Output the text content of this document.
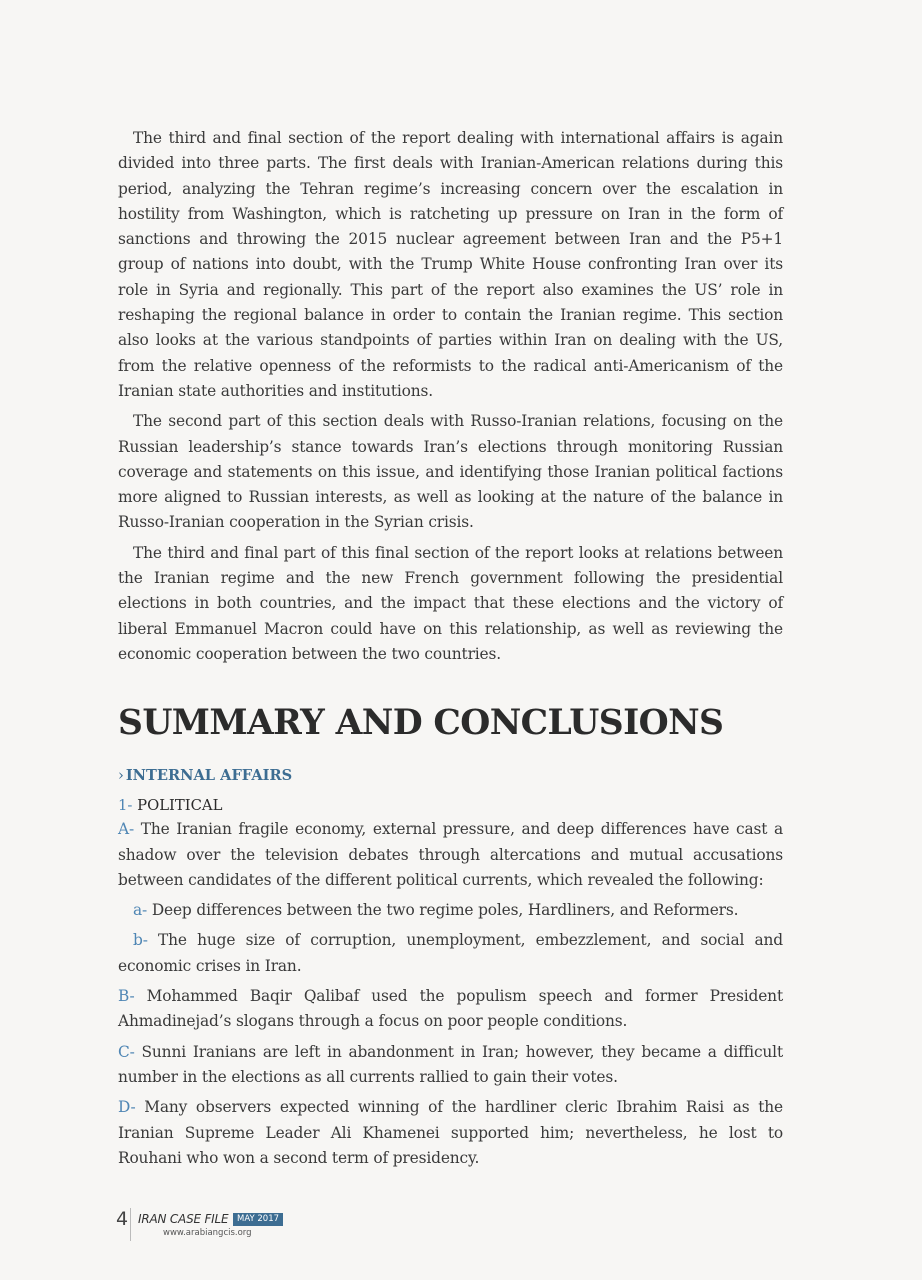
The third and final section of the report dealing with international affairs is again divided into three parts. The first deals with Iranian-American relations during this period, analyzing the Tehran regime’s increasing concern over the escalation in hostility from Washington, which is ratcheting up pressure on Iran in the form of sanctions and throwing the 2015 nuclear agreement between Iran and the P5+1 group of nations into doubt, with the Trump White House confronting Iran over its role in Syria and regionally. This part of the report also examines the US’ role in reshaping the regional balance in order to contain the Iranian regime. This section also looks at the various standpoints of parties within Iran on dealing with the US, from the relative openness of the reformists to the radical anti-Americanism of the Iranian state authorities and institutions.

The second part of this section deals with Russo-Iranian relations, focusing on the Russian leadership’s stance towards Iran’s elections through monitoring Russian coverage and statements on this issue, and identifying those Iranian political factions more aligned to Russian interests, as well as looking at the nature of the balance in Russo-Iranian cooperation in the Syrian crisis.

The third and final part of this final section of the report looks at relations between the Iranian regime and the new French government following the presidential elections in both countries, and the impact that these elections and the victory of liberal Emmanuel Macron could have on this relationship, as well as reviewing the economic cooperation between the two countries.

SUMMARY AND CONCLUSIONS
› INTERNAL AFFAIRS
1- POLITICAL

A- The Iranian fragile economy, external pressure, and deep differences have cast a shadow over the television debates through altercations and mutual accusations between candidates of the different political currents, which revealed the following:

a- Deep differences between the two regime poles, Hardliners, and Reformers.

b- The huge size of corruption, unemployment, embezzlement, and social and economic crises in Iran.

B- Mohammed Baqir Qalibaf used the populism speech and former President Ahmadinejad’s slogans through a focus on poor people conditions.

C- Sunni Iranians are left in abandonment in Iran; however, they became a difficult number in the elections as all currents rallied to gain their votes.

D- Many observers expected winning of the hardliner cleric Ibrahim Raisi as the Iranian Supreme Leader Ali Khamenei supported him; nevertheless, he lost to Rouhani who won a second term of presidency.

4 IRAN CASE FILE	MAY 2017
www.arabiangcis.org
